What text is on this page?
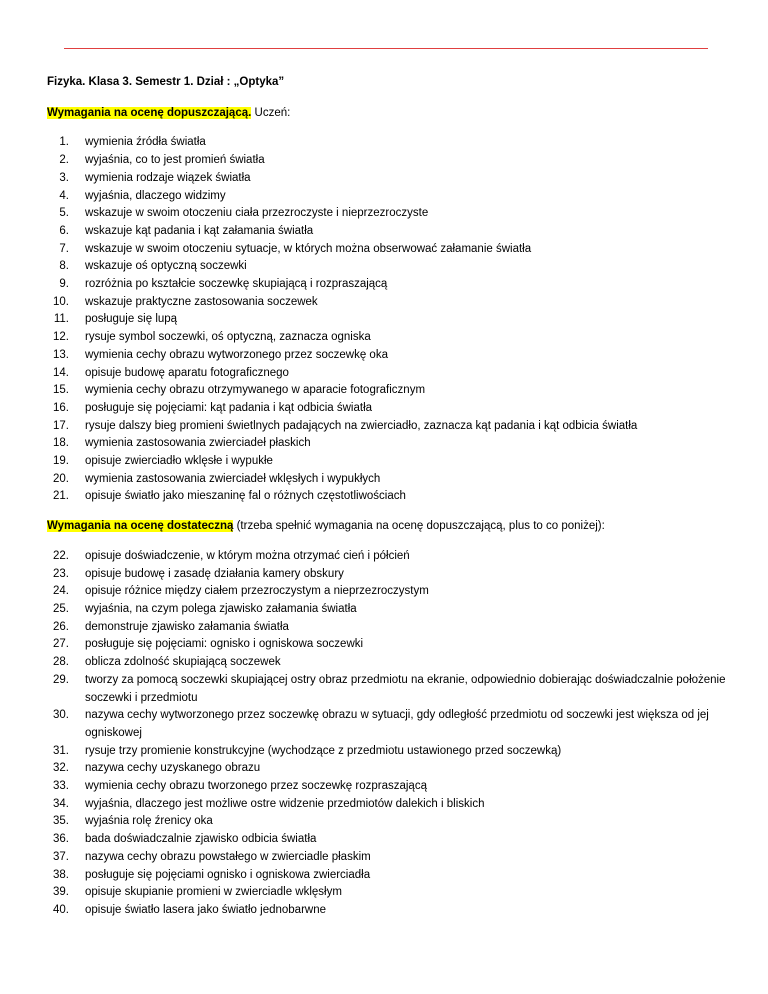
Fizyka. Klasa 3. Semestr 1. Dział : „Optyka”
Wymagania na ocenę dopuszczającą. Uczeń:
1. wymienia źródła światła
2. wyjaśnia, co to jest promień światła
3. wymienia rodzaje wiązek światła
4. wyjaśnia, dlaczego widzimy
5. wskazuje w swoim otoczeniu ciała przezroczyste i nieprzezroczyste
6. wskazuje kąt padania i kąt załamania światła
7. wskazuje w swoim otoczeniu sytuacje, w których można obserwować załamanie światła
8. wskazuje oś optyczną soczewki
9. rozróżnia po kształcie soczewkę skupiającą i rozpraszającą
10. wskazuje praktyczne zastosowania soczewek
11. posługuje się lupą
12. rysuje symbol soczewki, oś optyczną, zaznacza ogniska
13. wymienia cechy obrazu wytworzonego przez soczewkę oka
14. opisuje budowę aparatu fotograficznego
15. wymienia cechy obrazu otrzymywanego w aparacie fotograficznym
16. posługuje się pojęciami: kąt padania i kąt odbicia światła
17. rysuje dalszy bieg promieni świetlnych padających na zwierciadło, zaznacza kąt padania i kąt odbicia światła
18. wymienia zastosowania zwierciadeł płaskich
19. opisuje zwierciadło wklęsłe i wypukłe
20. wymienia zastosowania zwierciadeł wklęsłych i wypukłych
21. opisuje światło jako mieszaninę fal o różnych częstotliwościach
Wymagania na ocenę dostateczną (trzeba spełnić wymagania na ocenę dopuszczającą, plus to co poniżej):
22. opisuje doświadczenie, w którym można otrzymać cień i półcień
23. opisuje budowę i zasadę działania kamery obskury
24. opisuje różnice między ciałem przezroczystym a nieprzezroczystym
25. wyjaśnia, na czym polega zjawisko załamania światła
26. demonstruje zjawisko załamania światła
27. posługuje się pojęciami: ognisko i ogniskowa soczewki
28. oblicza zdolność skupiającą soczewek
29. tworzy za pomocą soczewki skupiającej ostry obraz przedmiotu na ekranie, odpowiednio dobierając doświadczalnie położenie soczewki i przedmiotu
30. nazywa cechy wytworzonego przez soczewkę obrazu w sytuacji, gdy odległość przedmiotu od soczewki jest większa od jej ogniskowej
31. rysuje trzy promienie konstrukcyjne (wychodzące z przedmiotu ustawionego przed soczewką)
32. nazywa cechy uzyskanego obrazu
33. wymienia cechy obrazu tworzonego przez soczewkę rozpraszającą
34. wyjaśnia, dlaczego jest możliwe ostre widzenie przedmiotów dalekich i bliskich
35. wyjaśnia rolę źrenicy oka
36. bada doświadczalnie zjawisko odbicia światła
37. nazywa cechy obrazu powstałego w zwierciadle płaskim
38. posługuje się pojęciami ognisko i ogniskowa zwierciadła
39. opisuje skupianie promieni w zwierciadle wklęsłym
40. opisuje światło lasera jako światło jednobarwne
